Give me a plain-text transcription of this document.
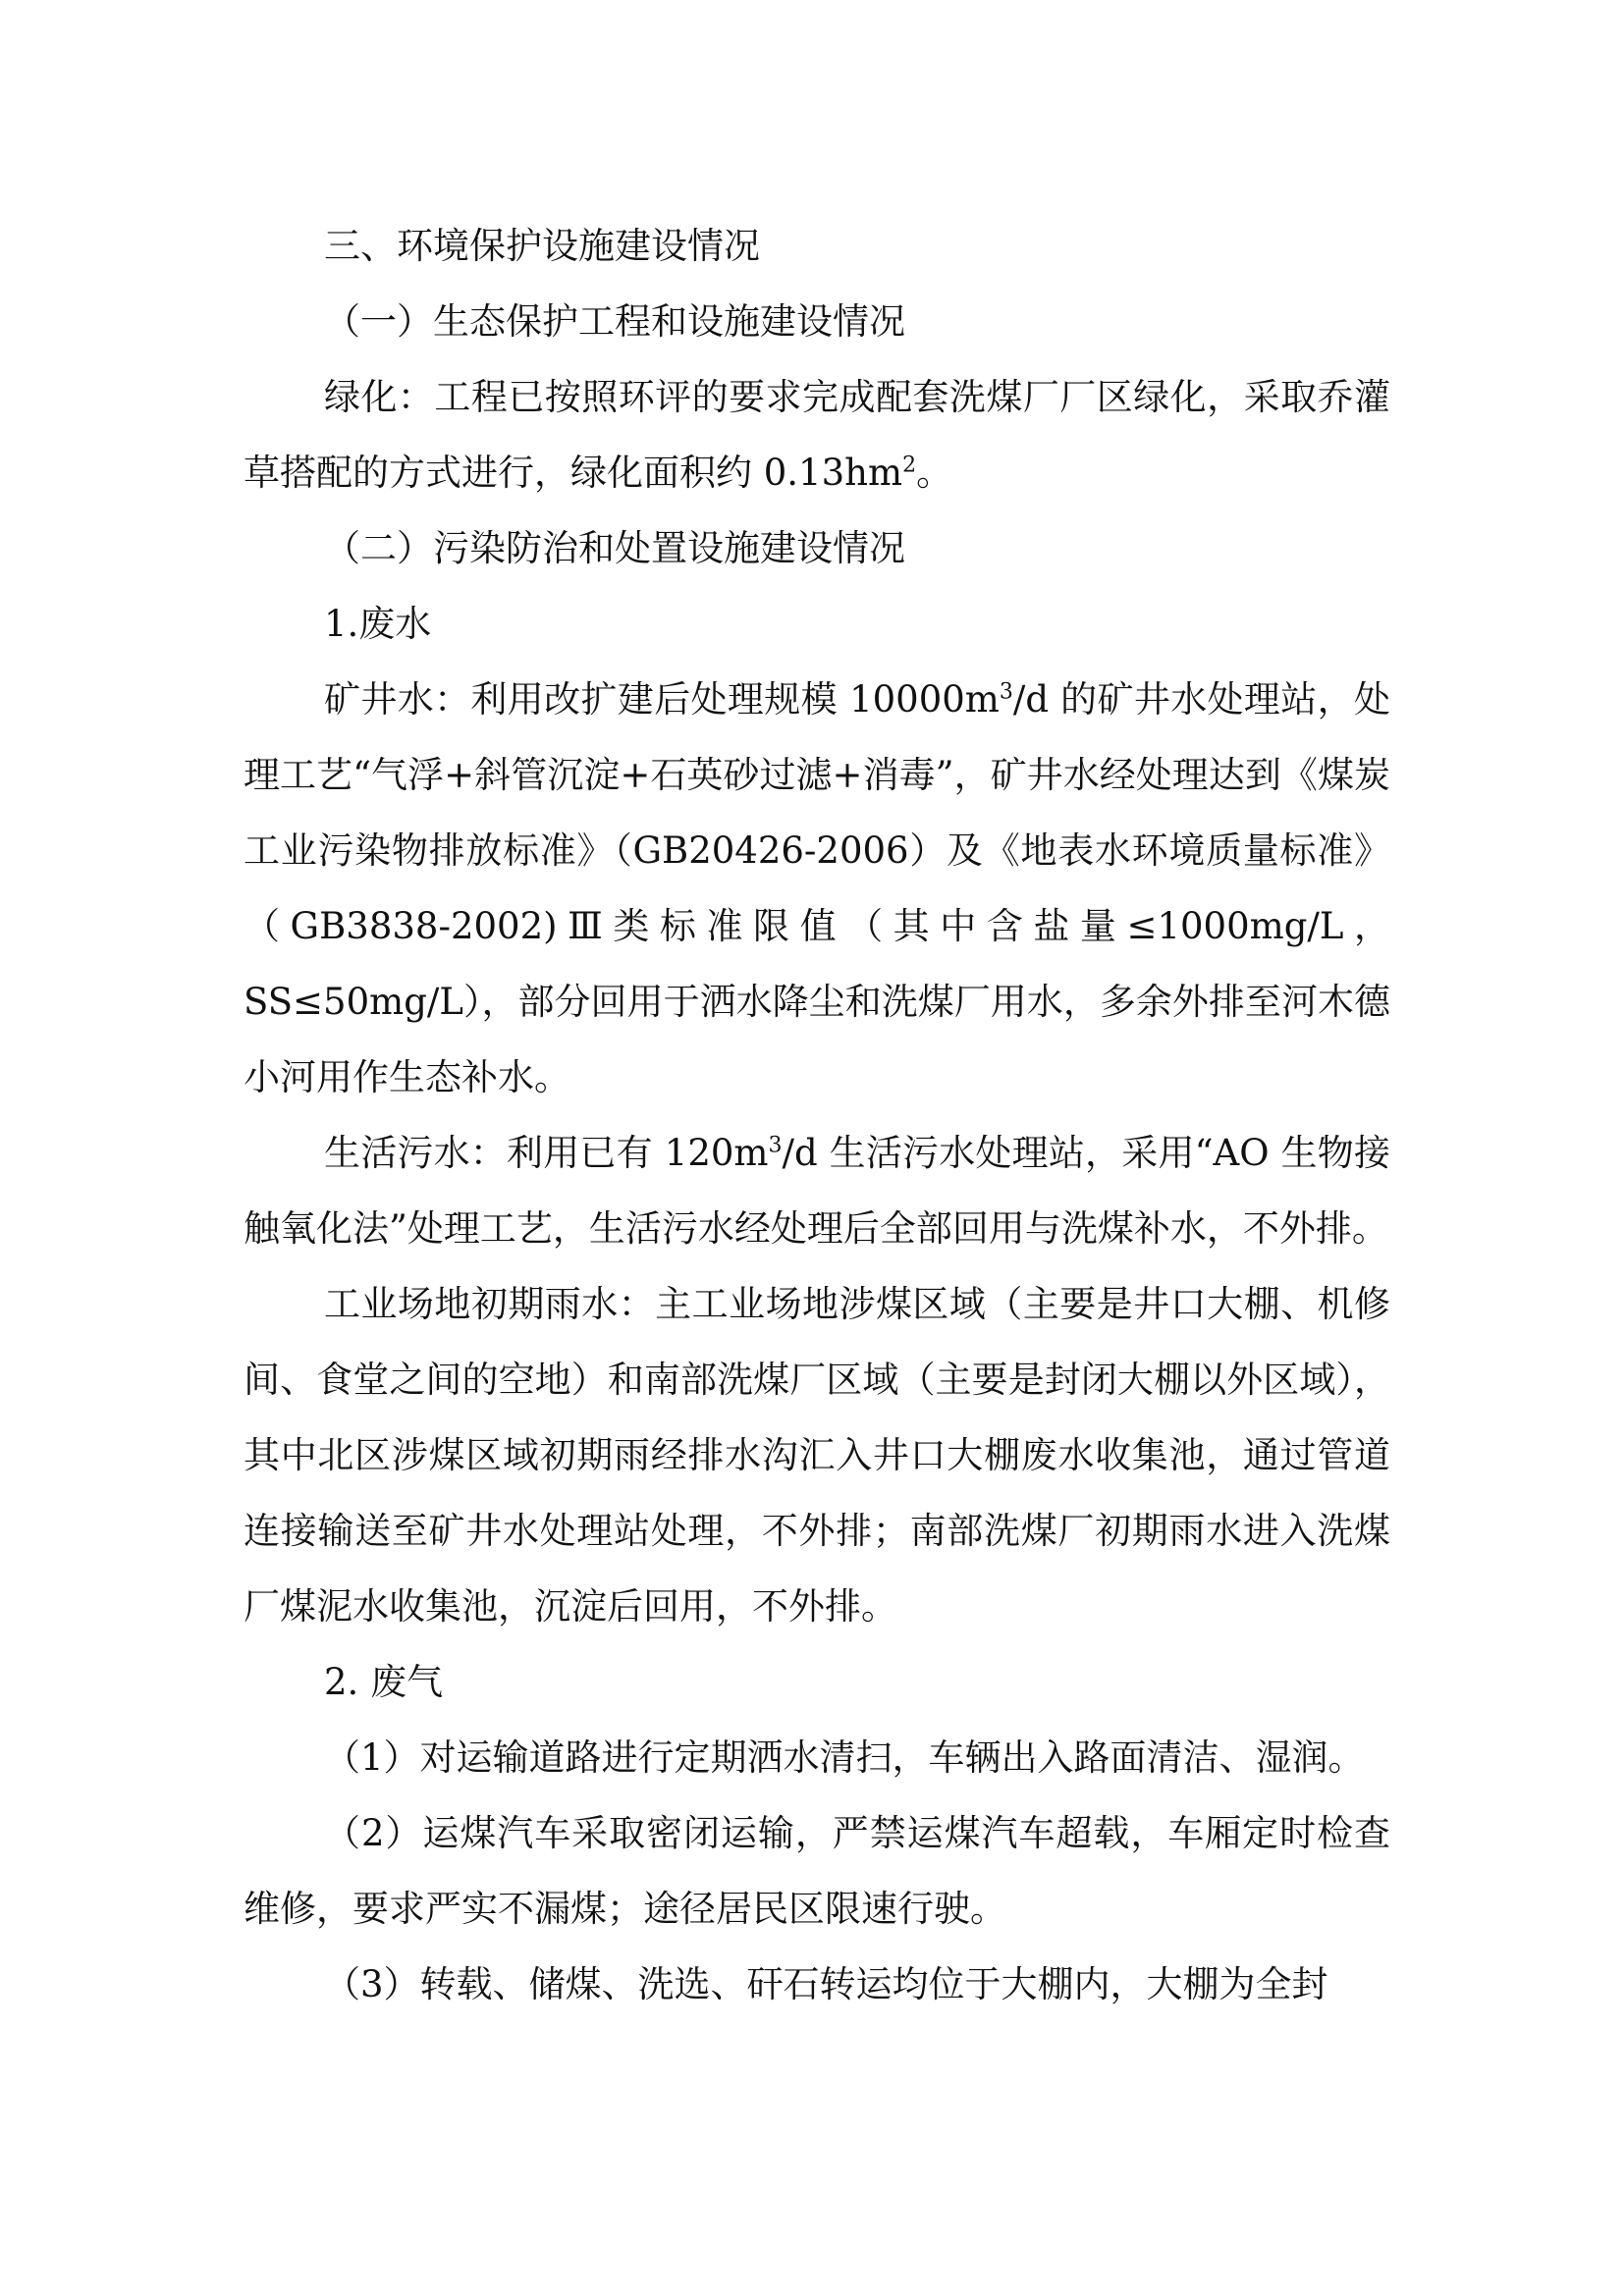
三、环境保护设施建设情况

（一）生态保护工程和设施建设情况

绿化：工程已按照环评的要求完成配套洗煤厂厂区绿化，采取乔灌草搭配的方式进行，绿化面积约 $0.13hm^2$。

（二）污染防治和处置设施建设情况

1.废水

矿井水：利用改扩建后处理规模 $10000m^3/d$ 的矿井水处理站，处理工艺“气浮+斜管沉淀+石英砂过滤+消毒”，矿井水经处理达到《煤炭工业污染物排放标准》（GB20426-2006）及《地表水环境质量标准》（GB3838-2002)Ⅲ类标准限值（其中含盐量≤1000mg/L，SS≤50mg/L），部分回用于洒水降尘和洗煤厂用水，多余外排至河木德小河用作生态补水。

生活污水：利用已有 $120m^3/d$ 生活污水处理站，采用“AO 生物接触氧化法”处理工艺，生活污水经处理后全部回用与洗煤补水，不外排。

工业场地初期雨水：主工业场地涉煤区域（主要是井口大棚、机修间、食堂之间的空地）和南部洗煤厂区域（主要是封闭大棚以外区域），其中北区涉煤区域初期雨经排水沟汇入井口大棚废水收集池，通过管道连接输送至矿井水处理站处理，不外排；南部洗煤厂初期雨水进入洗煤厂煤泥水收集池，沉淀后回用，不外排。

2. 废气

（1）对运输道路进行定期洒水清扫，车辆出入路面清洁、湿润。

（2）运煤汽车采取密闭运输，严禁运煤汽车超载，车厢定时检查维修，要求严实不漏煤；途径居民区限速行驶。

（3）转载、储煤、洗选、矸石转运均位于大棚内，大棚为全封
